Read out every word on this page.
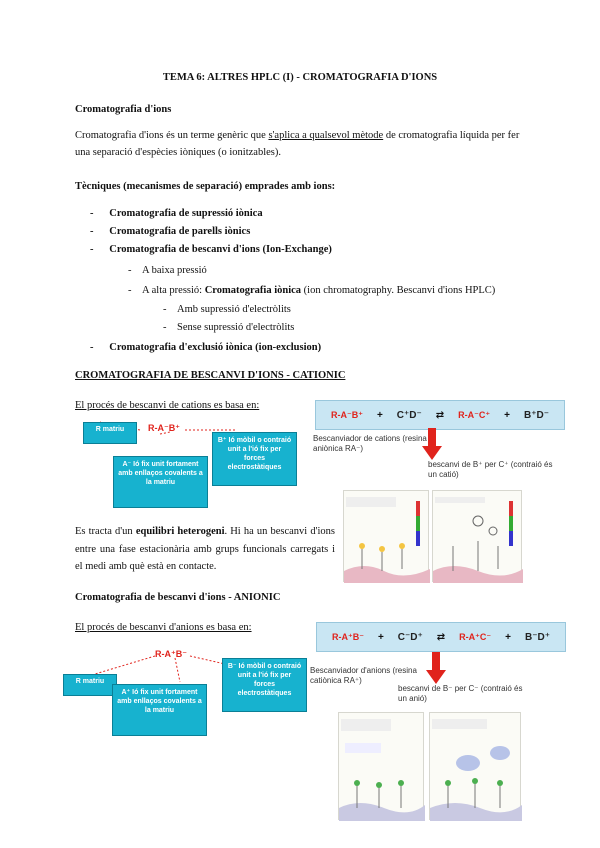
TEMA 6: ALTRES HPLC (I) - CROMATOGRAFIA D'IONS
Cromatografia d'ions
Cromatografia d'ions és un terme genèric que s'aplica a qualsevol mètode de cromatografia líquida per fer una separació d'espècies iòniques (o ionitzables).
Tècniques (mecanismes de separació) emprades amb ions:
-      Cromatografia de supressió iònica
-      Cromatografia de parells iònics
-      Cromatografia de bescanvi d'ions (Ion-Exchange)
-    A baixa pressió
-    A alta pressió: Cromatografia iònica (ion chromatography. Bescanvi d'ions HPLC)
-    Amb supressió d'electròlits
-    Sense supressió d'electròlits
-      Cromatografia d'exclusió iònica (ion-exclusion)
CROMATOGRAFIA DE BESCANVI D'IONS - CATIONIC
El procés de bescanvi de cations es basa en:
R-A⁻B⁺
R matriu
A⁻ Ió fix unit fortament amb enllaços covalents a la matriu
B⁺ Ió mòbil o contraió unit a l'ió fix per forces electrostàtiques
R-A⁻B⁺ + C⁺D⁻ ⇄ R-A⁻C⁺ + B⁺D⁻
Bescanviador de cations (resina aniònica RA⁻)
bescanvi de B⁺ per C⁺ (contraió és un catió)
Es tracta d'un equilibri heterogeni. Hi ha un bescanvi d'ions entre una fase estacionària amb grups funcionals carregats i el medi amb què està en contacte.
Cromatografia de bescanvi d'ions - ANIONIC
El procés de bescanvi d'anions es basa en:
R-A⁺B⁻
R matriu
A⁺ Ió fix unit fortament amb enllaços covalents a la matriu
B⁻ Ió mòbil o contraió unit a l'ió fix per forces electrostàtiques
R-A⁺B⁻ + C⁻D⁺ ⇄ R-A⁺C⁻ + B⁻D⁺
Bescanviador d'anions (resina catiònica RA⁺)
bescanvi de B⁻ per C⁻ (contraió és un anió)
